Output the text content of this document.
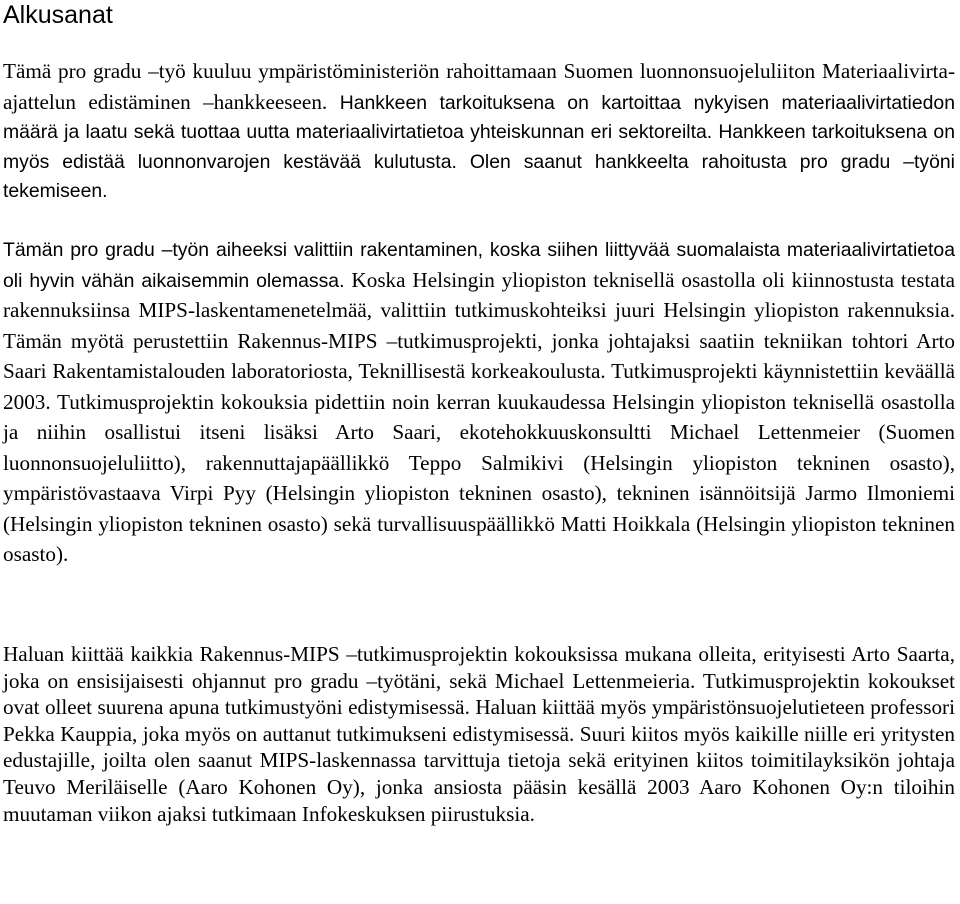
Alkusanat

Tämä pro gradu –työ kuuluu ympäristöministeriön rahoittamaan Suomen luonnonsuojeluliiton Materiaalivirta-ajattelun edistäminen –hankkeeseen. Hankkeen tarkoituksena on kartoittaa nykyisen materiaalivirtatiedon määrä ja laatu sekä tuottaa uutta materiaalivirtatietoa yhteiskunnan eri sektoreilta. Hankkeen tarkoituksena on myös edistää luonnonvarojen kestävää kulutusta. Olen saanut hankkeelta rahoitusta pro gradu –työni tekemiseen.

Tämän pro gradu –työn aiheeksi valittiin rakentaminen, koska siihen liittyvää suomalaista materiaalivirtatietoa oli hyvin vähän aikaisemmin olemassa. Koska Helsingin yliopiston teknisellä osastolla oli kiinnostusta testata rakennuksiinsa MIPS-laskentamenetelmää, valittiin tutkimuskohteiksi juuri Helsingin yliopiston rakennuksia. Tämän myötä perustettiin Rakennus-MIPS –tutkimusprojekti, jonka johtajaksi saatiin tekniikan tohtori Arto Saari Rakentamistalouden laboratoriosta, Teknillisestä korkeakoulusta. Tutkimusprojekti käynnistettiin keväällä 2003. Tutkimusprojektin kokouksia pidettiin noin kerran kuukaudessa Helsingin yliopiston teknisellä osastolla ja niihin osallistui itseni lisäksi Arto Saari, ekotehokkuuskonsultti Michael Lettenmeier (Suomen luonnonsuojeluliitto), rakennuttajapäällikkö Teppo Salmikivi (Helsingin yliopiston tekninen osasto), ympäristövastaava Virpi Pyy (Helsingin yliopiston tekninen osasto), tekninen isännöitsijä Jarmo Ilmoniemi (Helsingin yliopiston tekninen osasto) sekä turvallisuuspäällikkö Matti Hoikkala (Helsingin yliopiston tekninen osasto).

Haluan kiittää kaikkia Rakennus-MIPS –tutkimusprojektin kokouksissa mukana olleita, erityisesti Arto Saarta, joka on ensisijaisesti ohjannut pro gradu –työtäni, sekä Michael Lettenmeieria. Tutkimusprojektin kokoukset ovat olleet suurena apuna tutkimustyöni edistymisessä. Haluan kiittää myös ympäristönsuojelutieteen professori Pekka Kauppia, joka myös on auttanut tutkimukseni edistymisessä. Suuri kiitos myös kaikille niille eri yritysten edustajille, joilta olen saanut MIPS-laskennassa tarvittuja tietoja sekä erityinen kiitos toimitilayksikön johtaja Teuvo Meriläiselle (Aaro Kohonen Oy), jonka ansiosta pääsin kesällä 2003 Aaro Kohonen Oy:n tiloihin muutaman viikon ajaksi tutkimaan Infokeskuksen piirustuksia.
